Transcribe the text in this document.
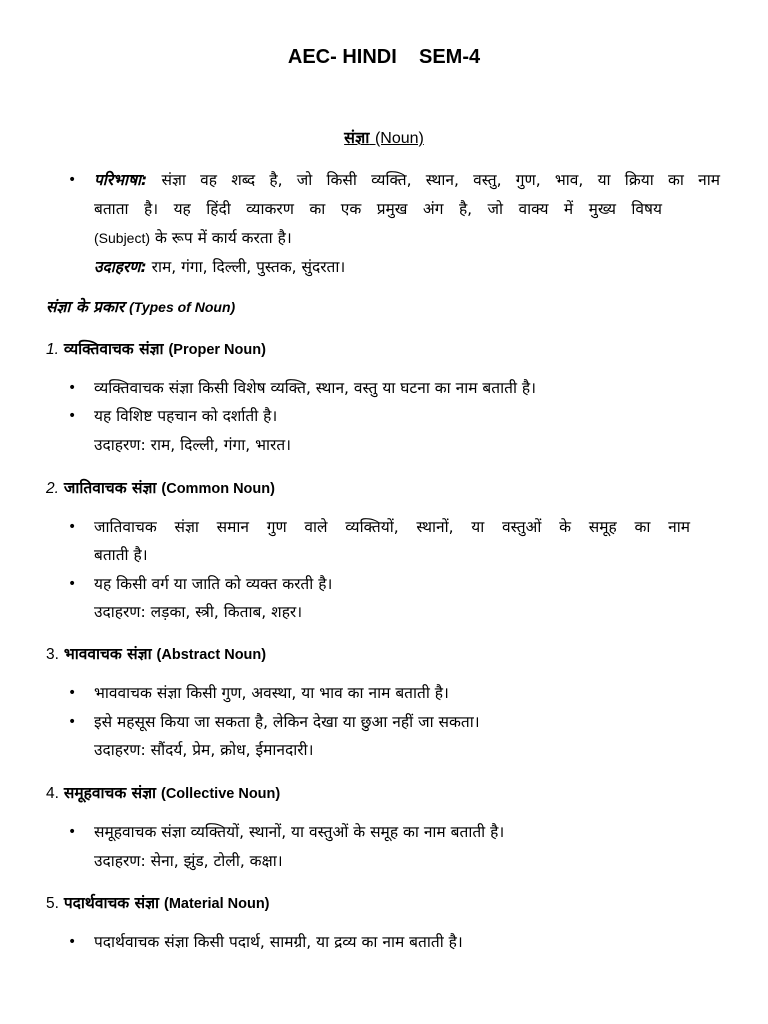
AEC- HINDI    SEM-4
संज्ञा (Noun)
• परिभाषा: संज्ञा वह शब्द है, जो किसी व्यक्ति, स्थान, वस्तु, गुण, भाव, या क्रिया का नाम
बताता है। यह हिंदी व्याकरण का एक प्रमुख अंग है, जो वाक्य में मुख्य विषय
(Subject) के रूप में कार्य करता है।
उदाहरण: राम, गंगा, दिल्ली, पुस्तक, सुंदरता।
संज्ञा के प्रकार (Types of Noun)
1. व्यक्तिवाचक संज्ञा (Proper Noun)
• व्यक्तिवाचक संज्ञा किसी विशेष व्यक्ति, स्थान, वस्तु या घटना का नाम बताती है।
• यह विशिष्ट पहचान को दर्शाती है।
उदाहरण: राम, दिल्ली, गंगा, भारत।
2. जातिवाचक संज्ञा (Common Noun)
• जातिवाचक संज्ञा समान गुण वाले व्यक्तियों, स्थानों, या वस्तुओं के समूह का नाम
बताती है।
• यह किसी वर्ग या जाति को व्यक्त करती है।
उदाहरण: लड़का, स्त्री, किताब, शहर।
3. भाववाचक संज्ञा (Abstract Noun)
• भाववाचक संज्ञा किसी गुण, अवस्था, या भाव का नाम बताती है।
• इसे महसूस किया जा सकता है, लेकिन देखा या छुआ नहीं जा सकता।
उदाहरण: सौंदर्य, प्रेम, क्रोध, ईमानदारी।
4. समूहवाचक संज्ञा (Collective Noun)
• समूहवाचक संज्ञा व्यक्तियों, स्थानों, या वस्तुओं के समूह का नाम बताती है।
उदाहरण: सेना, झुंड, टोली, कक्षा।
5. पदार्थवाचक संज्ञा (Material Noun)
• पदार्थवाचक संज्ञा किसी पदार्थ, सामग्री, या द्रव्य का नाम बताती है।
